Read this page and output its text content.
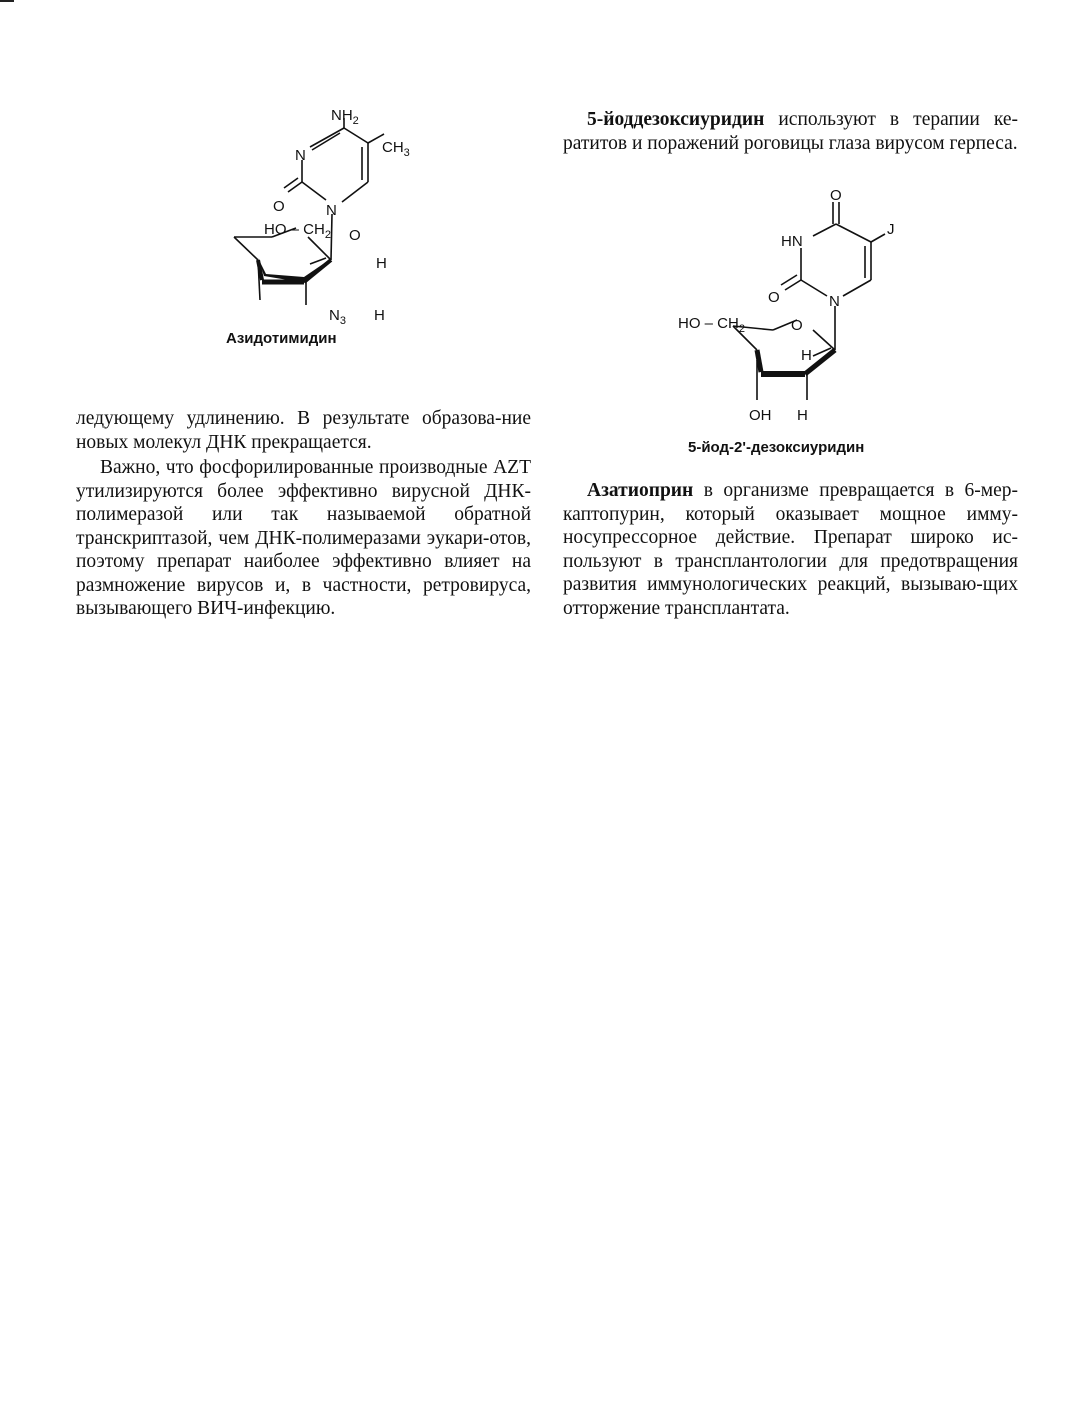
$NH_2$
$CH_3$
N
O	N
HO – $CH_2$ O
H
$N_3$ H
Азидотимидин

ледующему удлинению. В результате образова-ние новых молекул ДНК прекращается.

Важно, что фосфорилированные производные AZT утилизируются более эффективно вирусной ДНК-полимеразой или так называемой обратной транскриптазой, чем ДНК-полимеразами эукари-отов, поэтому препарат наиболее эффективно влияет на размножение вирусов и, в частности, ретровируса, вызывающего ВИЧ-инфекцию.

5-йоддезоксиуридин используют в терапии ке-ратитов и поражений роговицы глаза вирусом герпеса.

O
J
HN
O	N
HO – $CH_2$	O
H
OH H
5-йод-2'-дезоксиуридин

Азатиоприн в организме превращается в 6-мер-каптопурин, который оказывает мощное имму-носупрессорное действие. Препарат широко ис-пользуют в трансплантологии для предотвращения развития иммунологических реакций, вызываю-щих отторжение трансплантата.
